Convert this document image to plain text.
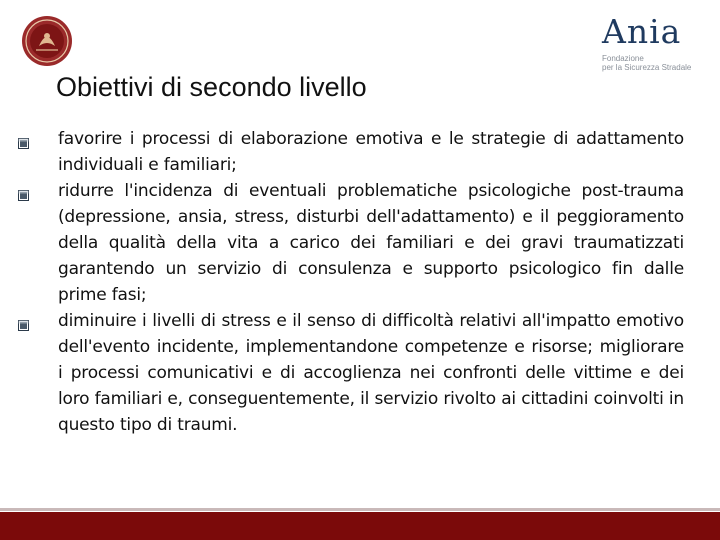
Ania
Fondazione
per la Sicurezza Stradale
Obiettivi di secondo livello
favorire i processi di elaborazione emotiva e le strategie di adattamento individuali e familiari;
ridurre l'incidenza di eventuali problematiche psicologiche post-trauma (depressione, ansia, stress, disturbi dell'adattamento) e il peggioramento della qualità della vita a carico dei familiari e dei gravi traumatizzati garantendo un servizio di consulenza e supporto psicologico fin dalle prime fasi;
diminuire i livelli di stress e il senso di difficoltà relativi all'impatto emotivo dell'evento incidente, implementandone competenze e risorse; migliorare i processi comunicativi e di accoglienza nei confronti delle vittime e dei loro familiari e, conseguentemente, il servizio rivolto ai cittadini coinvolti in questo tipo di traumi.
